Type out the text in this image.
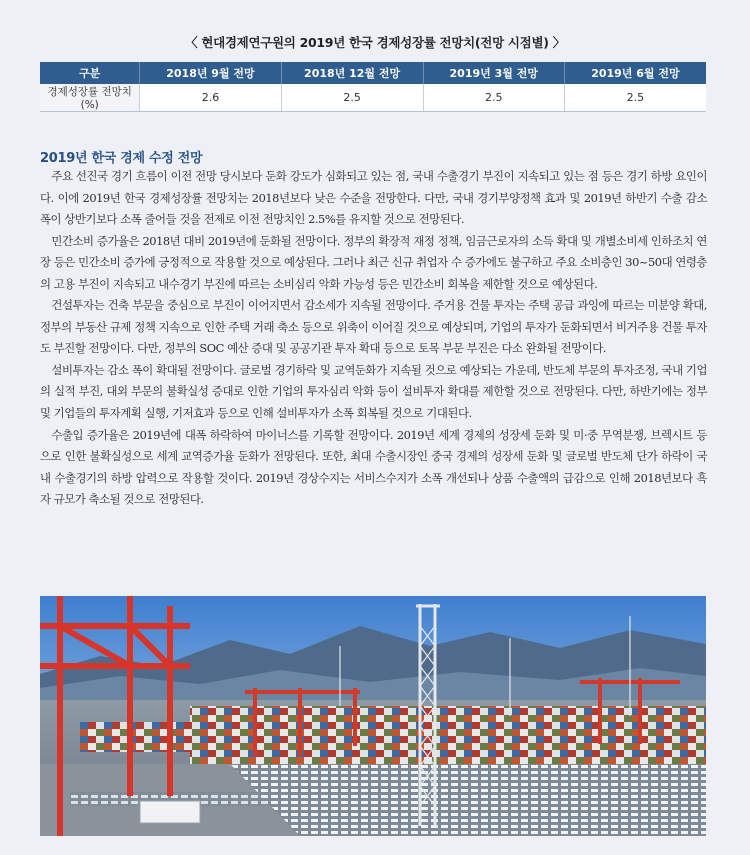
〈 현대경제연구원의 2019년 한국 경제성장률 전망치(전망 시점별) 〉
구분	2018년 9월 전망	2018년 12월 전망	2019년 3월 전망	2019년 6월 전망
경제성장률 전망치(%)	2.6	2.5	2.5	2.5
2019년 한국 경제 수정 전망

주요 선진국 경기 흐름이 이전 전망 당시보다 둔화 강도가 심화되고 있는 점, 국내 수출경기 부진이 지속되고 있는 점 등은 경기 하방 요인이다. 이에 2019년 한국 경제성장률 전망치는 2018년보다 낮은 수준을 전망한다. 다만, 국내 경기부양정책 효과 및 2019년 하반기 수출 감소 폭이 상반기보다 소폭 줄어들 것을 전제로 이전 전망치인 2.5%를 유지할 것으로 전망된다.

민간소비 증가율은 2018년 대비 2019년에 둔화될 전망이다. 정부의 확장적 재정 정책, 임금근로자의 소득 확대 및 개별소비세 인하조치 연장 등은 민간소비 증가에 긍정적으로 작용할 것으로 예상된다. 그러나 최근 신규 취업자 수 증가에도 불구하고 주요 소비층인 30~50대 연령층의 고용 부진이 지속되고 내수경기 부진에 따르는 소비심리 악화 가능성 등은 민간소비 회복을 제한할 것으로 예상된다.

건설투자는 건축 부문을 중심으로 부진이 이어지면서 감소세가 지속될 전망이다. 주거용 건물 투자는 주택 공급 과잉에 따르는 미분양 확대, 정부의 부동산 규제 정책 지속으로 인한 주택 거래 축소 등으로 위축이 이어질 것으로 예상되며, 기업의 투자가 둔화되면서 비거주용 건물 투자도 부진할 전망이다. 다만, 정부의 SOC 예산 증대 및 공공기관 투자 확대 등으로 토목 부문 부진은 다소 완화될 전망이다.

설비투자는 감소 폭이 확대될 전망이다. 글로벌 경기하락 및 교역둔화가 지속될 것으로 예상되는 가운데, 반도체 부문의 투자조정, 국내 기업의 실적 부진, 대외 부문의 불확실성 증대로 인한 기업의 투자심리 악화 등이 설비투자 확대를 제한할 것으로 전망된다. 다만, 하반기에는 정부 및 기업들의 투자계획 실행, 기저효과 등으로 인해 설비투자가 소폭 회복될 것으로 기대된다.

수출입 증가율은 2019년에 대폭 하락하여 마이너스를 기록할 전망이다. 2019년 세계 경제의 성장세 둔화 및 미·중 무역분쟁, 브렉시트 등으로 인한 불확실성으로 세계 교역증가율 둔화가 전망된다. 또한, 최대 수출시장인 중국 경제의 성장세 둔화 및 글로벌 반도체 단가 하락이 국내 수출경기의 하방 압력으로 작용할 것이다. 2019년 경상수지는 서비스수지가 소폭 개선되나 상품 수출액의 급감으로 인해 2018년보다 흑자 규모가 축소될 것으로 전망된다.
